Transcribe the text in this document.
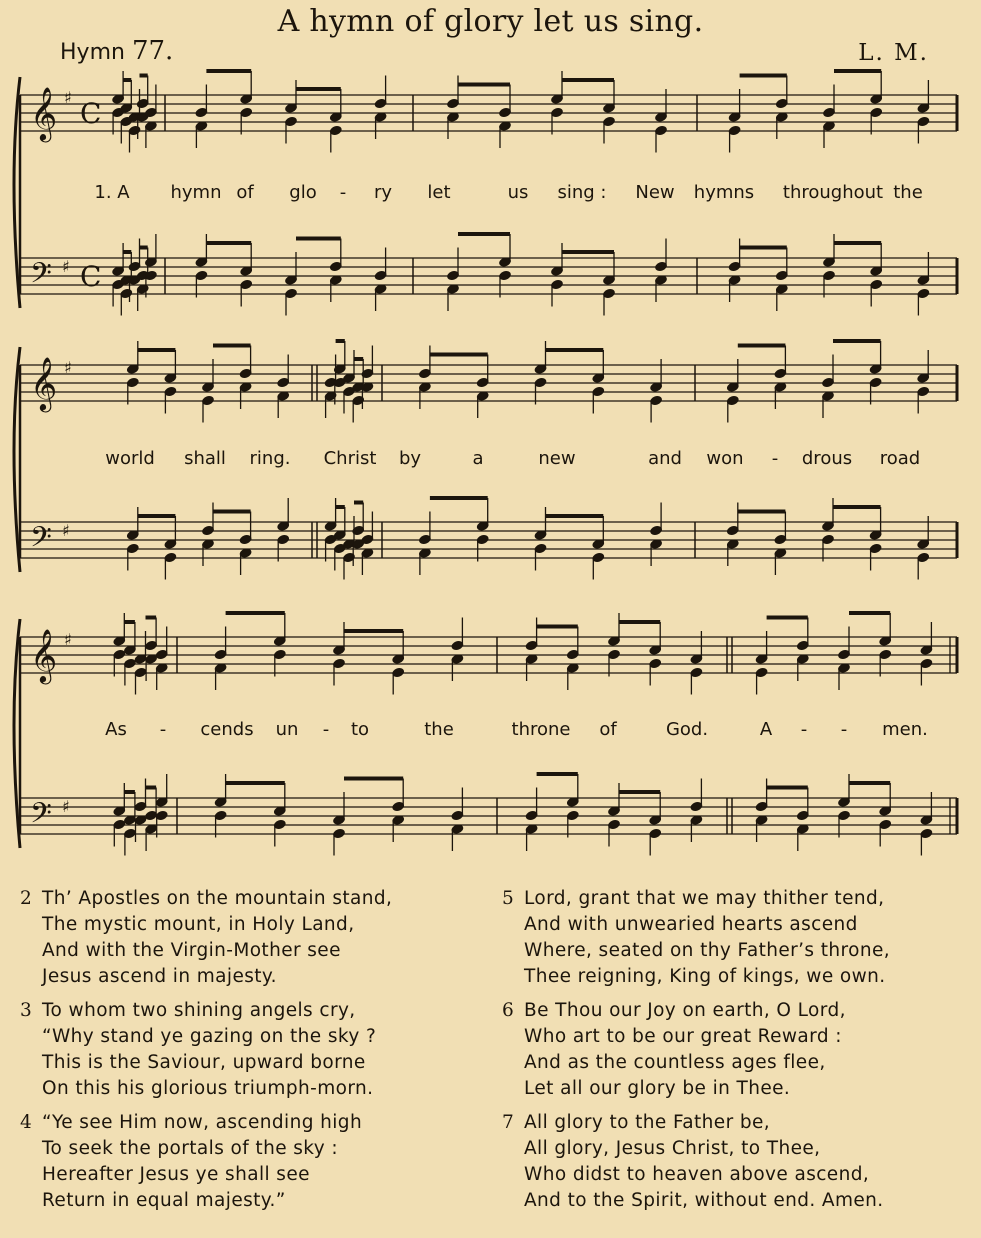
A hymn of glory let us sing.
Hymn 77.	L. M.
𝄞 ♯ C
𝄢 ♯ C
𝄞 ♯
𝄢 ♯
𝄞 ♯
𝄢 ♯
1. A hymn of glo - ry let	us sing : New hymns throughout the
world shall ring. Christ by	a	new	and won - drous road
As - cends un - to	the	throne of	God.	A - - men.
2 Th’ Apostles on the mountain stand,
The mystic mount, in Holy Land,
And with the Virgin-Mother see
Jesus ascend in majesty.
3 To whom two shining angels cry,
“Why stand ye gazing on the sky ?
This is the Saviour, upward borne
On this his glorious triumph-morn.
4 “Ye see Him now, ascending high
To seek the portals of the sky :
Hereafter Jesus ye shall see
Return in equal majesty.”
5 Lord, grant that we may thither tend,
And with unwearied hearts ascend
Where, seated on thy Father’s throne,
Thee reigning, King of kings, we own.
6 Be Thou our Joy on earth, O Lord,
Who art to be our great Reward :
And as the countless ages flee,
Let all our glory be in Thee.
7 All glory to the Father be,
All glory, Jesus Christ, to Thee,
Who didst to heaven above ascend,
And to the Spirit, without end. Amen.
